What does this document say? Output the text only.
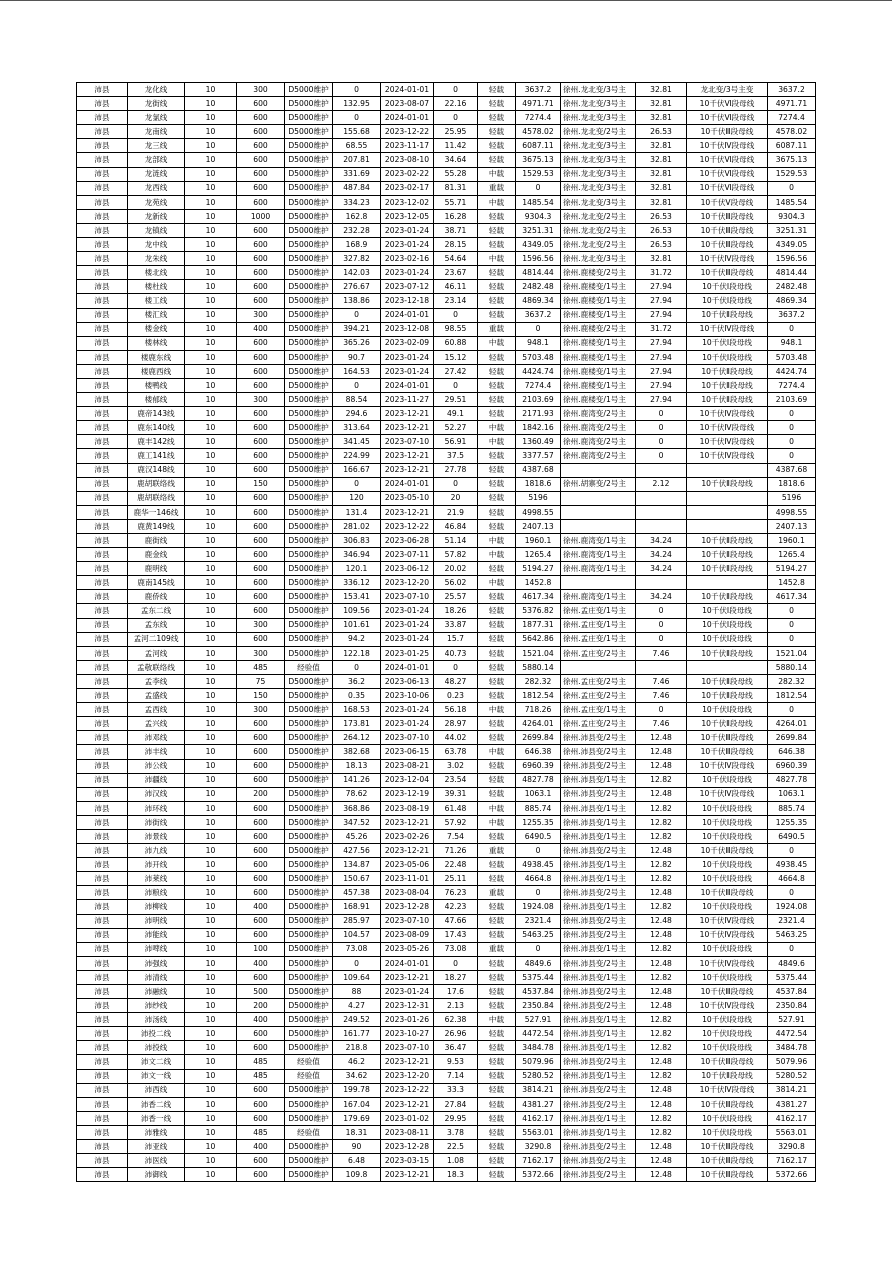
沛县	龙化线	10	300	D5000维护	0	2024-01-01	0	轻载	3637.2	徐州.龙北变/3号主	32.81	龙北变/3号主变	3637.2
沛县	龙街线	10	600	D5000维护	132.95	2023-08-07	22.16	轻载	4971.71	徐州.龙北变/3号主	32.81	10千伏Ⅵ段母线	4971.71
沛县	龙氯线	10	600	D5000维护	0	2024-01-01	0	轻载	7274.4	徐州.龙北变/3号主	32.81	10千伏Ⅵ段母线	7274.4
沛县	龙南线	10	600	D5000维护	155.68	2023-12-22	25.95	轻载	4578.02	徐州.龙北变/2号主	26.53	10千伏Ⅲ段母线	4578.02
沛县	龙三线	10	600	D5000维护	68.55	2023-11-17	11.42	轻载	6087.11	徐州.龙北变/3号主	32.81	10千伏Ⅳ段母线	6087.11
沛县	龙部线	10	600	D5000维护	207.81	2023-08-10	34.64	轻载	3675.13	徐州.龙北变/3号主	32.81	10千伏Ⅵ段母线	3675.13
沛县	龙涟线	10	600	D5000维护	331.69	2023-02-22	55.28	中载	1529.53	徐州.龙北变/3号主	32.81	10千伏Ⅵ段母线	1529.53
沛县	龙西线	10	600	D5000维护	487.84	2023-02-17	81.31	重载	0	徐州.龙北变/3号主	32.81	10千伏Ⅵ段母线	0
沛县	龙苑线	10	600	D5000维护	334.23	2023-12-02	55.71	中载	1485.54	徐州.龙北变/3号主	32.81	10千伏Ⅴ段母线	1485.54
沛县	龙新线	10	1000	D5000维护	162.8	2023-12-05	16.28	轻载	9304.3	徐州.龙北变/2号主	26.53	10千伏Ⅲ段母线	9304.3
沛县	龙镇线	10	600	D5000维护	232.28	2023-01-24	38.71	轻载	3251.31	徐州.龙北变/2号主	26.53	10千伏Ⅲ段母线	3251.31
沛县	龙中线	10	600	D5000维护	168.9	2023-01-24	28.15	轻载	4349.05	徐州.龙北变/2号主	26.53	10千伏Ⅲ段母线	4349.05
沛县	龙朱线	10	600	D5000维护	327.82	2023-02-16	54.64	中载	1596.56	徐州.龙北变/3号主	32.81	10千伏Ⅳ段母线	1596.56
沛县	楼北线	10	600	D5000维护	142.03	2023-01-24	23.67	轻载	4814.44	徐州.鹿楼变/2号主	31.72	10千伏Ⅲ段母线	4814.44
沛县	楼杜线	10	600	D5000维护	276.67	2023-07-12	46.11	轻载	2482.48	徐州.鹿楼变/1号主	27.94	10千伏Ⅰ段母线	2482.48
沛县	楼工线	10	600	D5000维护	138.86	2023-12-18	23.14	轻载	4869.34	徐州.鹿楼变/1号主	27.94	10千伏Ⅰ段母线	4869.34
沛县	楼汇线	10	300	D5000维护	0	2024-01-01	0	轻载	3637.2	徐州.鹿楼变/1号主	27.94	10千伏Ⅱ段母线	3637.2
沛县	楼金线	10	400	D5000维护	394.21	2023-12-08	98.55	重载	0	徐州.鹿楼变/2号主	31.72	10千伏Ⅳ段母线	0
沛县	楼林线	10	600	D5000维护	365.26	2023-02-09	60.88	中载	948.1	徐州.鹿楼变/1号主	27.94	10千伏Ⅰ段母线	948.1
沛县	楼鹿东线	10	600	D5000维护	90.7	2023-01-24	15.12	轻载	5703.48	徐州.鹿楼变/1号主	27.94	10千伏Ⅰ段母线	5703.48
沛县	楼鹿西线	10	600	D5000维护	164.53	2023-01-24	27.42	轻载	4424.74	徐州.鹿楼变/1号主	27.94	10千伏Ⅱ段母线	4424.74
沛县	楼鸭线	10	600	D5000维护	0	2024-01-01	0	轻载	7274.4	徐州.鹿楼变/1号主	27.94	10千伏Ⅱ段母线	7274.4
沛县	楼郁线	10	300	D5000维护	88.54	2023-11-27	29.51	轻载	2103.69	徐州.鹿楼变/1号主	27.94	10千伏Ⅱ段母线	2103.69
沛县	鹿帝143线	10	600	D5000维护	294.6	2023-12-21	49.1	轻载	2171.93	徐州.鹿湾变/2号主	0	10千伏Ⅳ段母线	0
沛县	鹿东140线	10	600	D5000维护	313.64	2023-12-21	52.27	中载	1842.16	徐州.鹿湾变/2号主	0	10千伏Ⅳ段母线	0
沛县	鹿丰142线	10	600	D5000维护	341.45	2023-07-10	56.91	中载	1360.49	徐州.鹿湾变/2号主	0	10千伏Ⅳ段母线	0
沛县	鹿工141线	10	600	D5000维护	224.99	2023-12-21	37.5	轻载	3377.57	徐州.鹿湾变/2号主	0	10千伏Ⅳ段母线	0
沛县	鹿汉148线	10	600	D5000维护	166.67	2023-12-21	27.78	轻载	4387.68				4387.68
沛县	鹿胡联络线	10	150	D5000维护	0	2024-01-01	0	轻载	1818.6	徐州.胡寨变/2号主	2.12	10千伏Ⅱ段母线	1818.6
沛县	鹿胡联络线	10	600	D5000维护	120	2023-05-10	20	轻载	5196				5196
沛县	鹿华一146线	10	600	D5000维护	131.4	2023-12-21	21.9	轻载	4998.55				4998.55
沛县	鹿黄149线	10	600	D5000维护	281.02	2023-12-22	46.84	轻载	2407.13				2407.13
沛县	鹿街线	10	600	D5000维护	306.83	2023-06-28	51.14	中载	1960.1	徐州.鹿湾变/1号主	34.24	10千伏Ⅱ段母线	1960.1
沛县	鹿金线	10	600	D5000维护	346.94	2023-07-11	57.82	中载	1265.4	徐州.鹿湾变/1号主	34.24	10千伏Ⅱ段母线	1265.4
沛县	鹿明线	10	600	D5000维护	120.1	2023-06-12	20.02	轻载	5194.27	徐州.鹿湾变/1号主	34.24	10千伏Ⅱ段母线	5194.27
沛县	鹿南145线	10	600	D5000维护	336.12	2023-12-20	56.02	中载	1452.8				1452.8
沛县	鹿侨线	10	600	D5000维护	153.41	2023-07-10	25.57	轻载	4617.34	徐州.鹿湾变/1号主	34.24	10千伏Ⅱ段母线	4617.34
沛县	孟东二线	10	600	D5000维护	109.56	2023-01-24	18.26	轻载	5376.82	徐州.孟庄变/1号主	0	10千伏Ⅰ段母线	0
沛县	孟东线	10	300	D5000维护	101.61	2023-01-24	33.87	轻载	1877.31	徐州.孟庄变/1号主	0	10千伏Ⅰ段母线	0
沛县	孟河二109线	10	600	D5000维护	94.2	2023-01-24	15.7	轻载	5642.86	徐州.孟庄变/1号主	0	10千伏Ⅰ段母线	0
沛县	孟河线	10	300	D5000维护	122.18	2023-01-25	40.73	轻载	1521.04	徐州.孟庄变/2号主	7.46	10千伏Ⅱ段母线	1521.04
沛县	孟敬联络线	10	485	经验值	0	2024-01-01	0	轻载	5880.14				5880.14
沛县	孟李线	10	75	D5000维护	36.2	2023-06-13	48.27	轻载	282.32	徐州.孟庄变/2号主	7.46	10千伏Ⅱ段母线	282.32
沛县	孟盛线	10	150	D5000维护	0.35	2023-10-06	0.23	轻载	1812.54	徐州.孟庄变/2号主	7.46	10千伏Ⅱ段母线	1812.54
沛县	孟西线	10	300	D5000维护	168.53	2023-01-24	56.18	中载	718.26	徐州.孟庄变/1号主	0	10千伏Ⅰ段母线	0
沛县	孟兴线	10	600	D5000维护	173.81	2023-01-24	28.97	轻载	4264.01	徐州.孟庄变/2号主	7.46	10千伏Ⅱ段母线	4264.01
沛县	沛邓线	10	600	D5000维护	264.12	2023-07-10	44.02	轻载	2699.84	徐州.沛县变/2号主	12.48	10千伏Ⅲ段母线	2699.84
沛县	沛丰线	10	600	D5000维护	382.68	2023-06-15	63.78	中载	646.38	徐州.沛县变/2号主	12.48	10千伏Ⅲ段母线	646.38
沛县	沛公线	10	600	D5000维护	18.13	2023-08-21	3.02	轻载	6960.39	徐州.沛县变/2号主	12.48	10千伏Ⅳ段母线	6960.39
沛县	沛疆线	10	600	D5000维护	141.26	2023-12-04	23.54	轻载	4827.78	徐州.沛县变/1号主	12.82	10千伏Ⅰ段母线	4827.78
沛县	沛汉线	10	200	D5000维护	78.62	2023-12-19	39.31	轻载	1063.1	徐州.沛县变/2号主	12.48	10千伏Ⅳ段母线	1063.1
沛县	沛环线	10	600	D5000维护	368.86	2023-08-19	61.48	中载	885.74	徐州.沛县变/1号主	12.82	10千伏Ⅰ段母线	885.74
沛县	沛街线	10	600	D5000维护	347.52	2023-12-21	57.92	中载	1255.35	徐州.沛县变/1号主	12.82	10千伏Ⅰ段母线	1255.35
沛县	沛景线	10	600	D5000维护	45.26	2023-02-26	7.54	轻载	6490.5	徐州.沛县变/1号主	12.82	10千伏Ⅰ段母线	6490.5
沛县	沛九线	10	600	D5000维护	427.56	2023-12-21	71.26	重载	0	徐州.沛县变/2号主	12.48	10千伏Ⅲ段母线	0
沛县	沛开线	10	600	D5000维护	134.87	2023-05-06	22.48	轻载	4938.45	徐州.沛县变/1号主	12.82	10千伏Ⅰ段母线	4938.45
沛县	沛莱线	10	600	D5000维护	150.67	2023-11-01	25.11	轻载	4664.8	徐州.沛县变/1号主	12.82	10千伏Ⅰ段母线	4664.8
沛县	沛粮线	10	600	D5000维护	457.38	2023-08-04	76.23	重载	0	徐州.沛县变/2号主	12.48	10千伏Ⅲ段母线	0
沛县	沛柳线	10	400	D5000维护	168.91	2023-12-28	42.23	轻载	1924.08	徐州.沛县变/1号主	12.82	10千伏Ⅰ段母线	1924.08
沛县	沛明线	10	600	D5000维护	285.97	2023-07-10	47.66	轻载	2321.4	徐州.沛县变/2号主	12.48	10千伏Ⅳ段母线	2321.4
沛县	沛能线	10	600	D5000维护	104.57	2023-08-09	17.43	轻载	5463.25	徐州.沛县变/2号主	12.48	10千伏Ⅳ段母线	5463.25
沛县	沛啤线	10	100	D5000维护	73.08	2023-05-26	73.08	重载	0	徐州.沛县变/1号主	12.82	10千伏Ⅰ段母线	0
沛县	沛强线	10	400	D5000维护	0	2024-01-01	0	轻载	4849.6	徐州.沛县变/2号主	12.48	10千伏Ⅳ段母线	4849.6
沛县	沛清线	10	600	D5000维护	109.64	2023-12-21	18.27	轻载	5375.44	徐州.沛县变/1号主	12.82	10千伏Ⅰ段母线	5375.44
沛县	沛融线	10	500	D5000维护	88	2023-01-24	17.6	轻载	4537.84	徐州.沛县变/2号主	12.48	10千伏Ⅲ段母线	4537.84
沛县	沛纱线	10	200	D5000维护	4.27	2023-12-31	2.13	轻载	2350.84	徐州.沛县变/2号主	12.48	10千伏Ⅳ段母线	2350.84
沛县	沛汤线	10	400	D5000维护	249.52	2023-01-26	62.38	中载	527.91	徐州.沛县变/1号主	12.82	10千伏Ⅰ段母线	527.91
沛县	沛投二线	10	600	D5000维护	161.77	2023-10-27	26.96	轻载	4472.54	徐州.沛县变/1号主	12.82	10千伏Ⅰ段母线	4472.54
沛县	沛投线	10	600	D5000维护	218.8	2023-07-10	36.47	轻载	3484.78	徐州.沛县变/1号主	12.82	10千伏Ⅰ段母线	3484.78
沛县	沛文二线	10	485	经验值	46.2	2023-12-21	9.53	轻载	5079.96	徐州.沛县变/2号主	12.48	10千伏Ⅲ段母线	5079.96
沛县	沛文一线	10	485	经验值	34.62	2023-12-20	7.14	轻载	5280.52	徐州.沛县变/1号主	12.82	10千伏Ⅱ段母线	5280.52
沛县	沛西线	10	600	D5000维护	199.78	2023-12-22	33.3	轻载	3814.21	徐州.沛县变/2号主	12.48	10千伏Ⅳ段母线	3814.21
沛县	沛香二线	10	600	D5000维护	167.04	2023-12-21	27.84	轻载	4381.27	徐州.沛县变/2号主	12.48	10千伏Ⅲ段母线	4381.27
沛县	沛香一线	10	600	D5000维护	179.69	2023-01-02	29.95	轻载	4162.17	徐州.沛县变/1号主	12.82	10千伏Ⅰ段母线	4162.17
沛县	沛雅线	10	485	经验值	18.31	2023-08-11	3.78	轻载	5563.01	徐州.沛县变/1号主	12.82	10千伏Ⅰ段母线	5563.01
沛县	沛亚线	10	400	D5000维护	90	2023-12-28	22.5	轻载	3290.8	徐州.沛县变/2号主	12.48	10千伏Ⅲ段母线	3290.8
沛县	沛医线	10	600	D5000维护	6.48	2023-03-15	1.08	轻载	7162.17	徐州.沛县变/2号主	12.48	10千伏Ⅲ段母线	7162.17
沛县	沛御线	10	600	D5000维护	109.8	2023-12-21	18.3	轻载	5372.66	徐州.沛县变/2号主	12.48	10千伏Ⅲ段母线	5372.66
